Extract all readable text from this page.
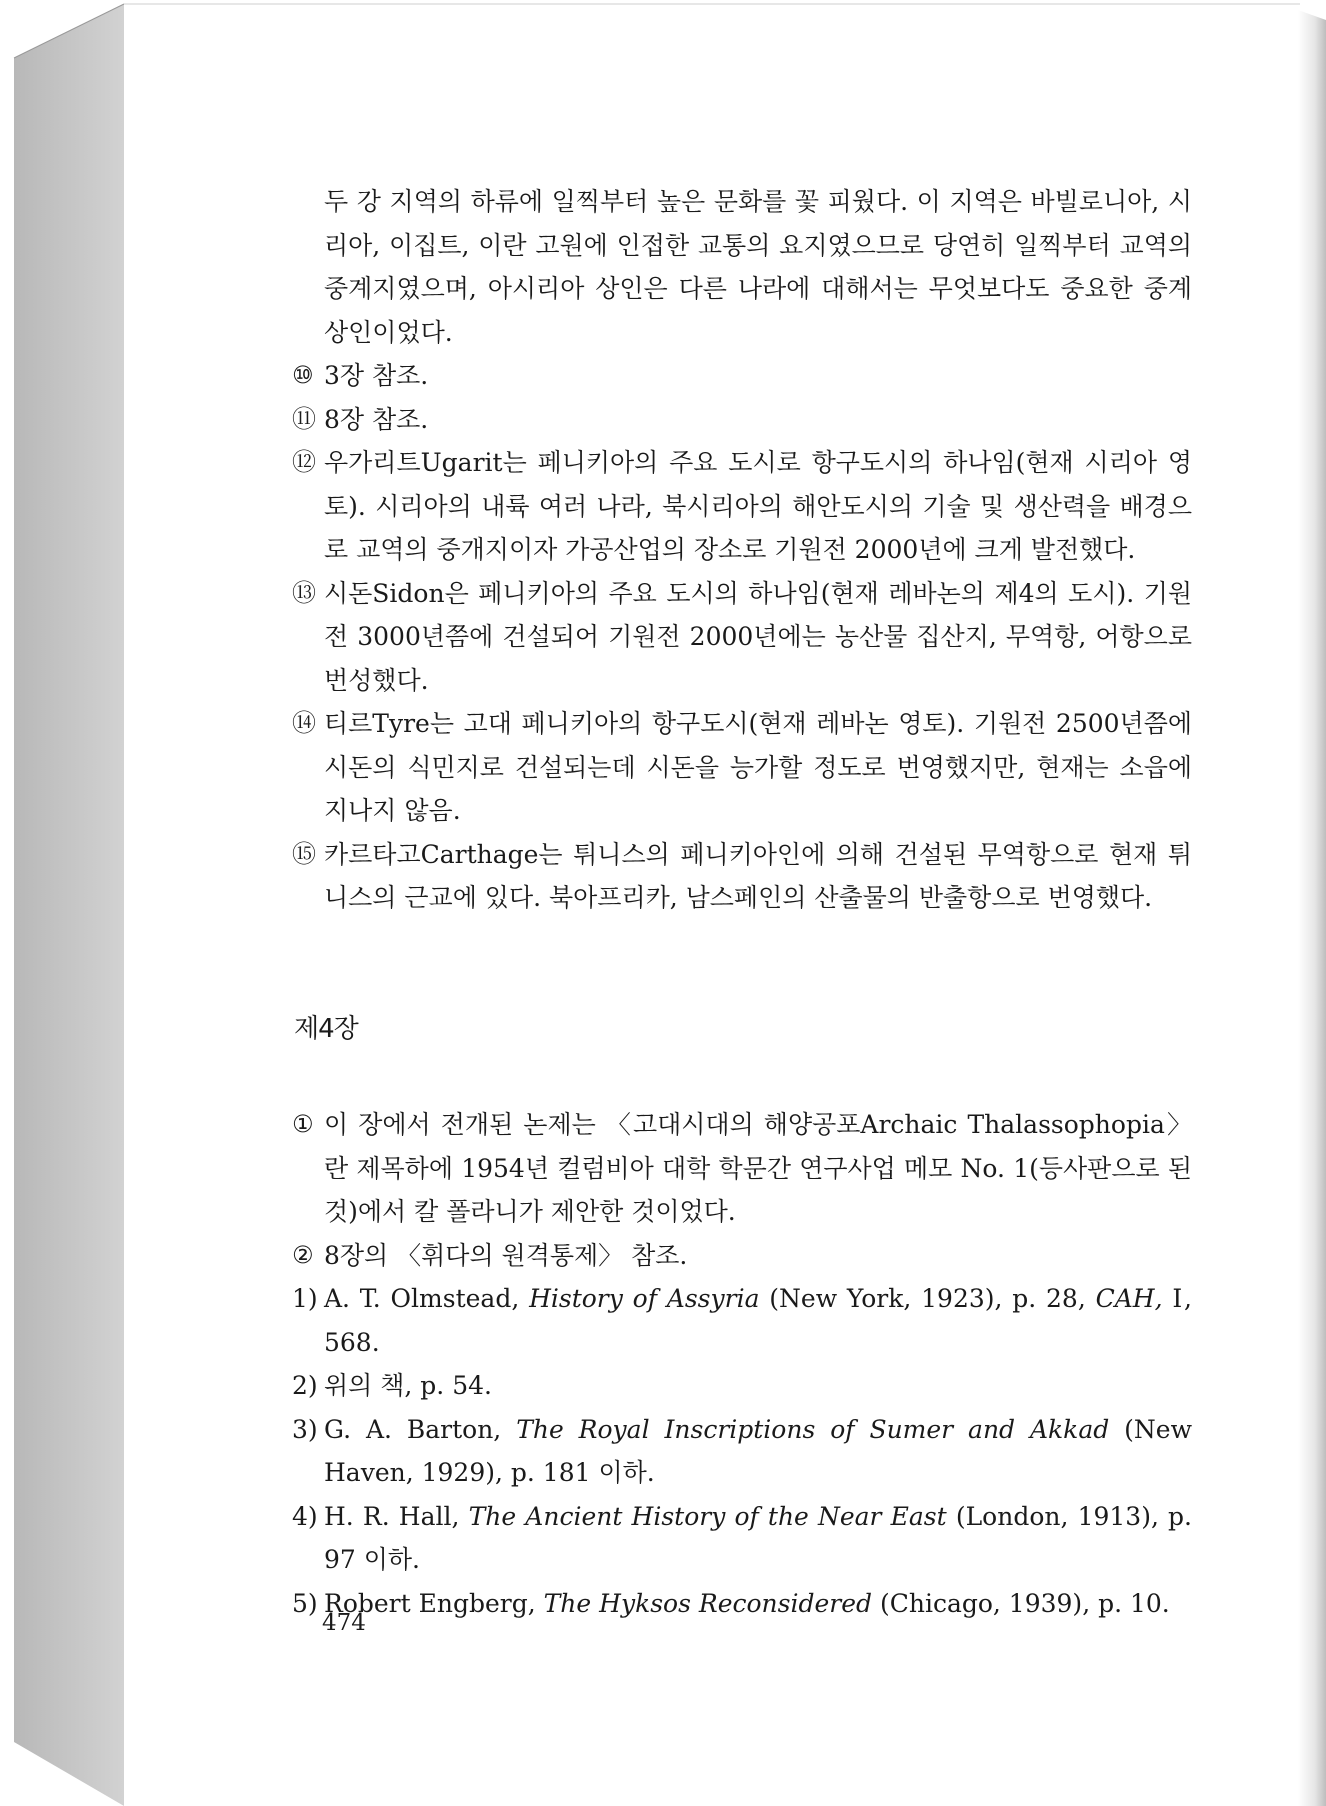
두 강 지역의 하류에 일찍부터 높은 문화를 꽃 피웠다. 이 지역은 바빌로니아, 시리아, 이집트, 이란 고원에 인접한 교통의 요지였으므로 당연히 일찍부터 교역의 중계지였으며, 아시리아 상인은 다른 나라에 대해서는 무엇보다도 중요한 중계상인이었다.
⑩ 3장 참조.
⑪ 8장 참조.
⑫ 우가리트Ugarit는 페니키아의 주요 도시로 항구도시의 하나임(현재 시리아 영토). 시리아의 내륙 여러 나라, 북시리아의 해안도시의 기술 및 생산력을 배경으로 교역의 중개지이자 가공산업의 장소로 기원전 2000년에 크게 발전했다.
⑬ 시돈Sidon은 페니키아의 주요 도시의 하나임(현재 레바논의 제4의 도시). 기원전 3000년쯤에 건설되어 기원전 2000년에는 농산물 집산지, 무역항, 어항으로 번성했다.
⑭ 티르Tyre는 고대 페니키아의 항구도시(현재 레바논 영토). 기원전 2500년쯤에 시돈의 식민지로 건설되는데 시돈을 능가할 정도로 번영했지만, 현재는 소읍에 지나지 않음.
⑮ 카르타고Carthage는 튀니스의 페니키아인에 의해 건설된 무역항으로 현재 튀니스의 근교에 있다. 북아프리카, 남스페인의 산출물의 반출항으로 번영했다.
제4장
① 이 장에서 전개된 논제는 〈고대시대의 해양공포Archaic Thalassophopia〉란 제목하에 1954년 컬럼비아 대학 학문간 연구사업 메모 No. 1(등사판으로 된 것)에서 칼 폴라니가 제안한 것이었다.
② 8장의 〈휘다의 원격통제〉 참조.
1) A. T. Olmstead, History of Assyria (New York, 1923), p. 28, CAH, Ⅰ, 568.
2) 위의 책, p. 54.
3) G. A. Barton, The Royal Inscriptions of Sumer and Akkad (New Haven, 1929), p. 181 이하.
4) H. R. Hall, The Ancient History of the Near East (London, 1913), p. 97 이하.
5) Robert Engberg, The Hyksos Reconsidered (Chicago, 1939), p. 10.
474
